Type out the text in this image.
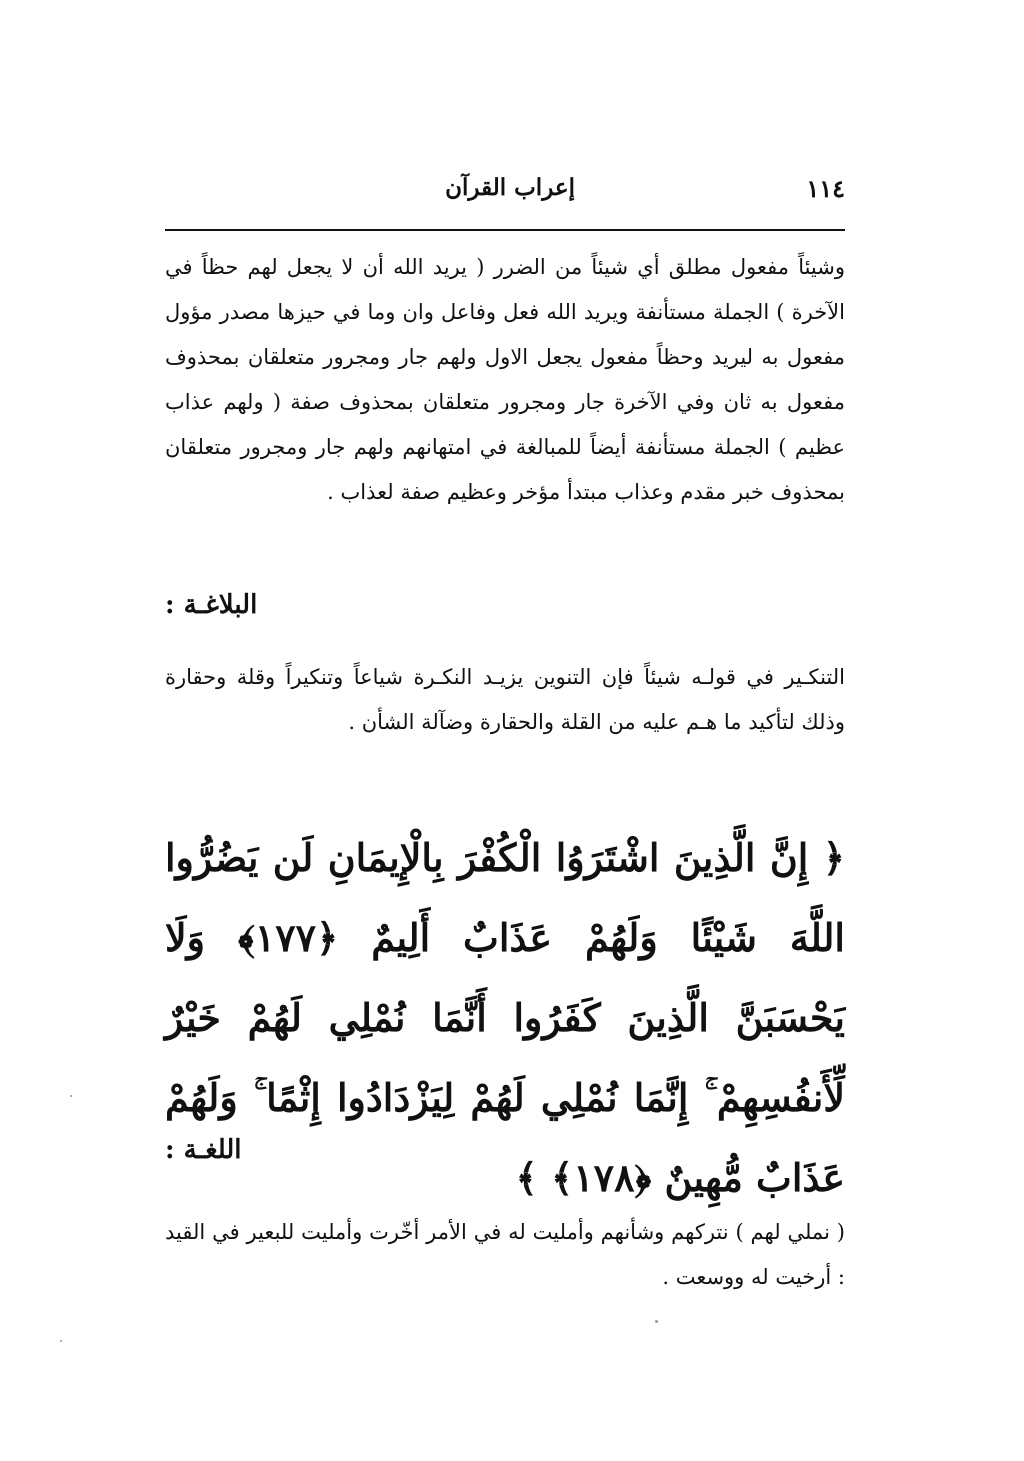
١١٤
إعراب القرآن

وشيئاً مفعول مطلق أي شيئاً من الضرر ( يريد الله أن لا يجعل لهم حظاً في الآخرة ) الجملة مستأنفة ويريد الله فعل وفاعل وان وما في حيزها مصدر مؤول مفعول به ليريد وحظاً مفعول يجعل الاول ولهم جار ومجرور متعلقان بمحذوف مفعول به ثان وفي الآخرة جار ومجرور متعلقان بمحذوف صفة ( ولهم عذاب عظيم ) الجملة مستأنفة أيضاً للمبالغة في امتهانهم ولهم جار ومجرور متعلقان بمحذوف خبر مقدم وعذاب مبتدأ مؤخر وعظيم صفة لعذاب .

البلاغـة :

التنكـير في قولـه شيئاً فإن التنوين يزيـد النكـرة شياعاً وتنكيراً وقلة وحقارة وذلك لتأكيد ما هـم عليه من القلة والحقارة وضآلة الشأن .

﴿ إِنَّ الَّذِينَ اشْتَرَوُا الْكُفْرَ بِالْإِيمَانِ لَن يَضُرُّوا اللَّهَ شَيْئًا وَلَهُمْ عَذَابٌ أَلِيمٌ ﴿١٧٧﴾ وَلَا يَحْسَبَنَّ الَّذِينَ كَفَرُوا أَنَّمَا نُمْلِي لَهُمْ خَيْرٌ لِّأَنفُسِهِمْ ۚ إِنَّمَا نُمْلِي لَهُمْ لِيَزْدَادُوا إِثْمًا ۚ وَلَهُمْ عَذَابٌ مُّهِينٌ ﴿١٧٨﴾ ﴾

اللغـة :

( نملي لهم ) نتركهم وشأنهم وأمليت له في الأمر أخّرت وأمليت للبعير في القيد : أرخيت له ووسعت .
